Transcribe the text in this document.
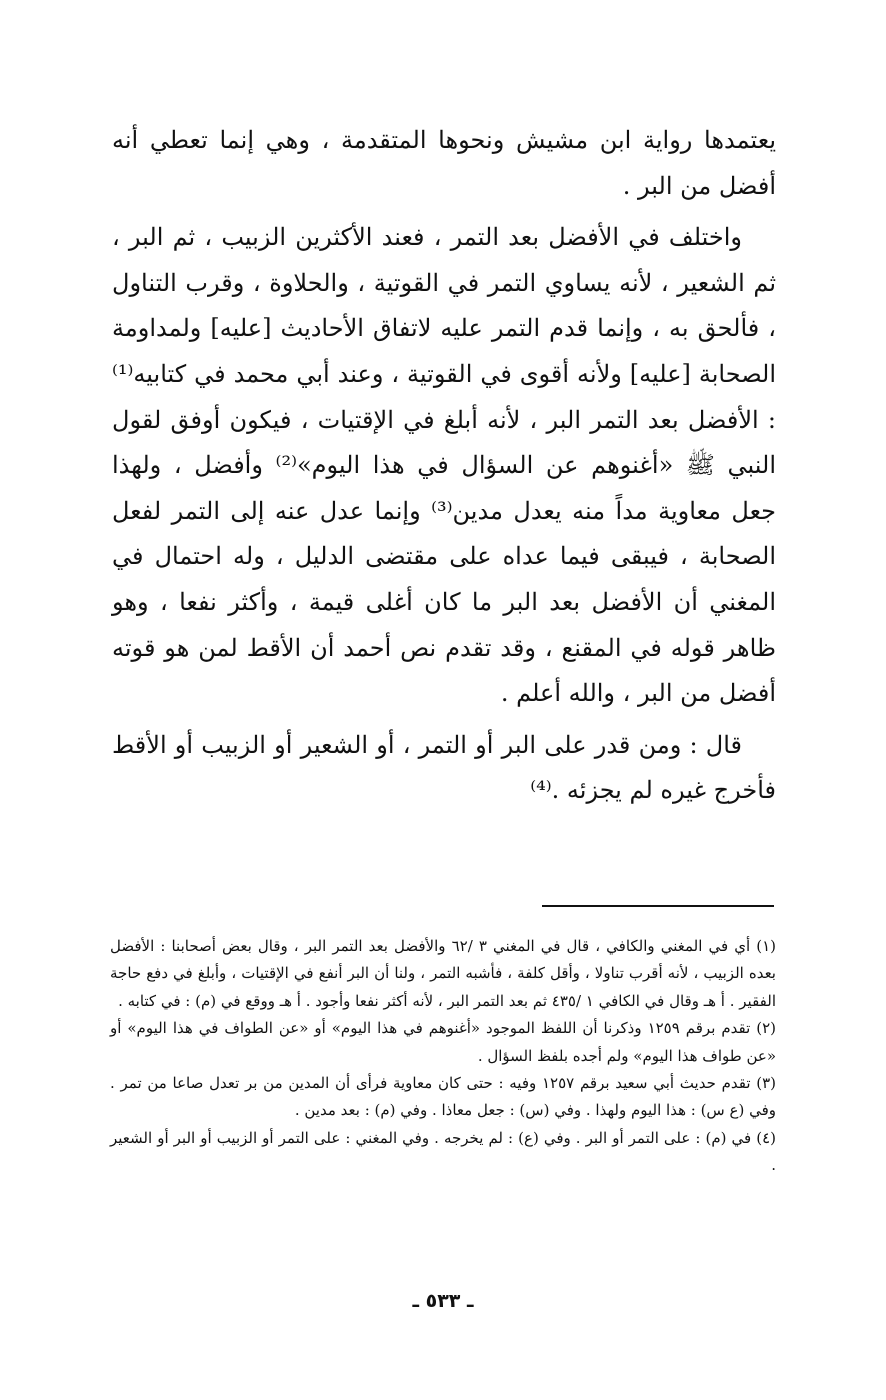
يعتمدها رواية ابن مشيش ونحوها المتقدمة ، وهي إنما تعطي أنه أفضل من البر .

واختلف في الأفضل بعد التمر ، فعند الأكثرين الزبيب ، ثم البر ، ثم الشعير ، لأنه يساوي التمر في القوتية ، والحلاوة ، وقرب التناول ، فألحق به ، وإنما قدم التمر عليه لاتفاق الأحاديث [عليه] ولمداومة الصحابة [عليه] ولأنه أقوى في القوتية ، وعند أبي محمد في كتابيه⁽¹⁾ : الأفضل بعد التمر البر ، لأنه أبلغ في الإقتيات ، فيكون أوفق لقول النبي ﷺ «أغنوهم عن السؤال في هذا اليوم»⁽²⁾ وأفضل ، ولهذا جعل معاوية مداً منه يعدل مدين⁽³⁾ وإنما عدل عنه إلى التمر لفعل الصحابة ، فيبقى فيما عداه على مقتضى الدليل ، وله احتمال في المغني أن الأفضل بعد البر ما كان أغلى قيمة ، وأكثر نفعا ، وهو ظاهر قوله في المقنع ، وقد تقدم نص أحمد أن الأقط لمن هو قوته أفضل من البر ، والله أعلم .

قال : ومن قدر على البر أو التمر ، أو الشعير أو الزبيب أو الأقط فأخرج غيره لم يجزئه .⁽⁴⁾

(١) أي في المغني والكافي ، قال في المغني ٣ /٦٢ والأفضل بعد التمر البر ، وقال بعض أصحابنا : الأفضل بعده الزبيب ، لأنه أقرب تناولا ، وأقل كلفة ، فأشبه التمر ، ولنا أن البر أنفع في الإقتيات ، وأبلغ في دفع حاجة الفقير . أ هـ وقال في الكافي ١ /٤٣٥ ثم بعد التمر البر ، لأنه أكثر نفعا وأجود . أ هـ ووقع في (م) : في كتابه .

(٢) تقدم برقم ١٢٥٩ وذكرنا أن اللفظ الموجود «أغنوهم في هذا اليوم» أو «عن الطواف في هذا اليوم» أو «عن طواف هذا اليوم» ولم أجده بلفظ السؤال .

(٣) تقدم حديث أبي سعيد برقم ١٢٥٧ وفيه : حتى كان معاوية فرأى أن المدين من بر تعدل صاعا من تمر . وفي (ع س) : هذا اليوم ولهذا . وفي (س) : جعل معاذا . وفي (م) : بعد مدين .

(٤) في (م) : على التمر أو البر . وفي (ع) : لم يخرجه . وفي المغني : على التمر أو الزبيب أو البر أو الشعير .

ـ ٥٣٣ ـ
